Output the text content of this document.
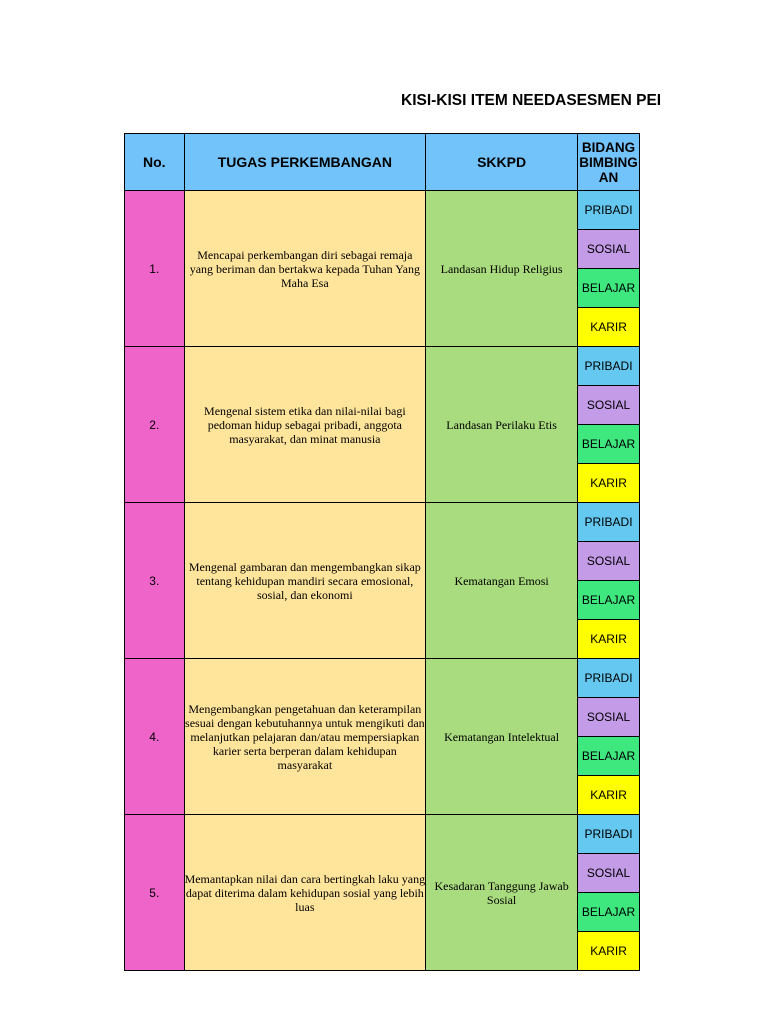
KISI-KISI ITEM NEEDASESMEN PEI
No.	TUGAS PERKEMBANGAN	SKKPD	BIDANG BIMBINGAN
1.	Mencapai perkembangan diri sebagai remaja yang beriman dan bertakwa kepada Tuhan Yang Maha Esa	Landasan Hidup Religius	PRIBADI
SOSIAL
BELAJAR
KARIR

2.	Mengenal sistem etika dan nilai-nilai bagi pedoman hidup sebagai pribadi, anggota masyarakat, dan minat manusia	Landasan Perilaku Etis	PRIBADI
SOSIAL
BELAJAR
KARIR

3.	Mengenal gambaran dan mengembangkan sikap tentang kehidupan mandiri secara emosional, sosial, dan ekonomi	Kematangan Emosi	PRIBADI
SOSIAL
BELAJAR
KARIR

4.	Mengembangkan pengetahuan dan keterampilan sesuai dengan kebutuhannya untuk mengikuti dan melanjutkan pelajaran dan/atau mempersiapkan karier serta berperan dalam kehidupan masyarakat	Kematangan Intelektual	PRIBADI
SOSIAL
BELAJAR
KARIR

5.	Memantapkan nilai dan cara bertingkah laku yang dapat diterima dalam kehidupan sosial yang lebih luas	Kesadaran Tanggung Jawab Sosial	PRIBADI
SOSIAL
BELAJAR
KARIR
